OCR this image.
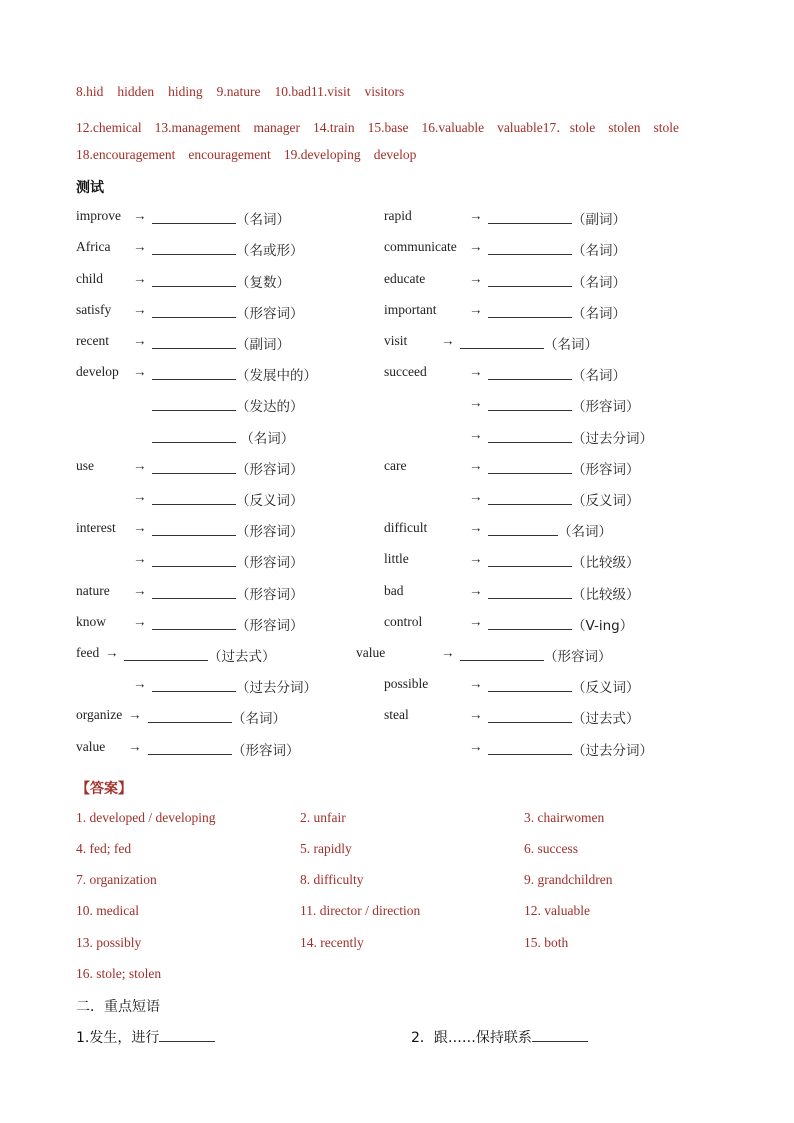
8.hid hidden hiding 9.nature 10.bad11.visit visitors
12.chemical 13.management manager 14.train 15.base 16.valuable valuable17．stole stolen stole
18.encouragement encouragement 19.developing develop
测试
improve →	（名词）	rapid	→	（副词）
Africa →	（名或形）	communicate →	（名词）
child →	（复数）	educate	→	（名词）
satisfy →	（形容词）	important →	（名词）
recent →	（副词）	visit →	（名词）
develop →	（发展中的）	succeed	→	（名词）
（发达的）	→	（形容词）
（名词）	→	（过去分词）
use	→	（形容词）	care	→	（形容词）
→	（反义词）	→	（反义词）
interest →	（形容词）	difficult	→	（名词）
→	（形容词）	little	→	（比较级）
nature →	（形容词）	bad	→	（比较级）
know →	（形容词）	control	→	（V-ing）
feed →	（过去式）	value	→	（形容词）
→	（过去分词）	possible	→	（反义词）
organize →	（名词）	steal	→	（过去式）
value →	（形容词）	→	（过去分词）
【答案】
1. developed / developing	2. unfair	3. chairwomen
4. fed; fed	5. rapidly	6. success
7. organization	8. difficulty	9. grandchildren
10. medical	11. director / direction	12. valuable
13. possibly	14. recently	15. both
16. stole; stolen
二．重点短语
1.发生，进行	2．跟……保持联系
